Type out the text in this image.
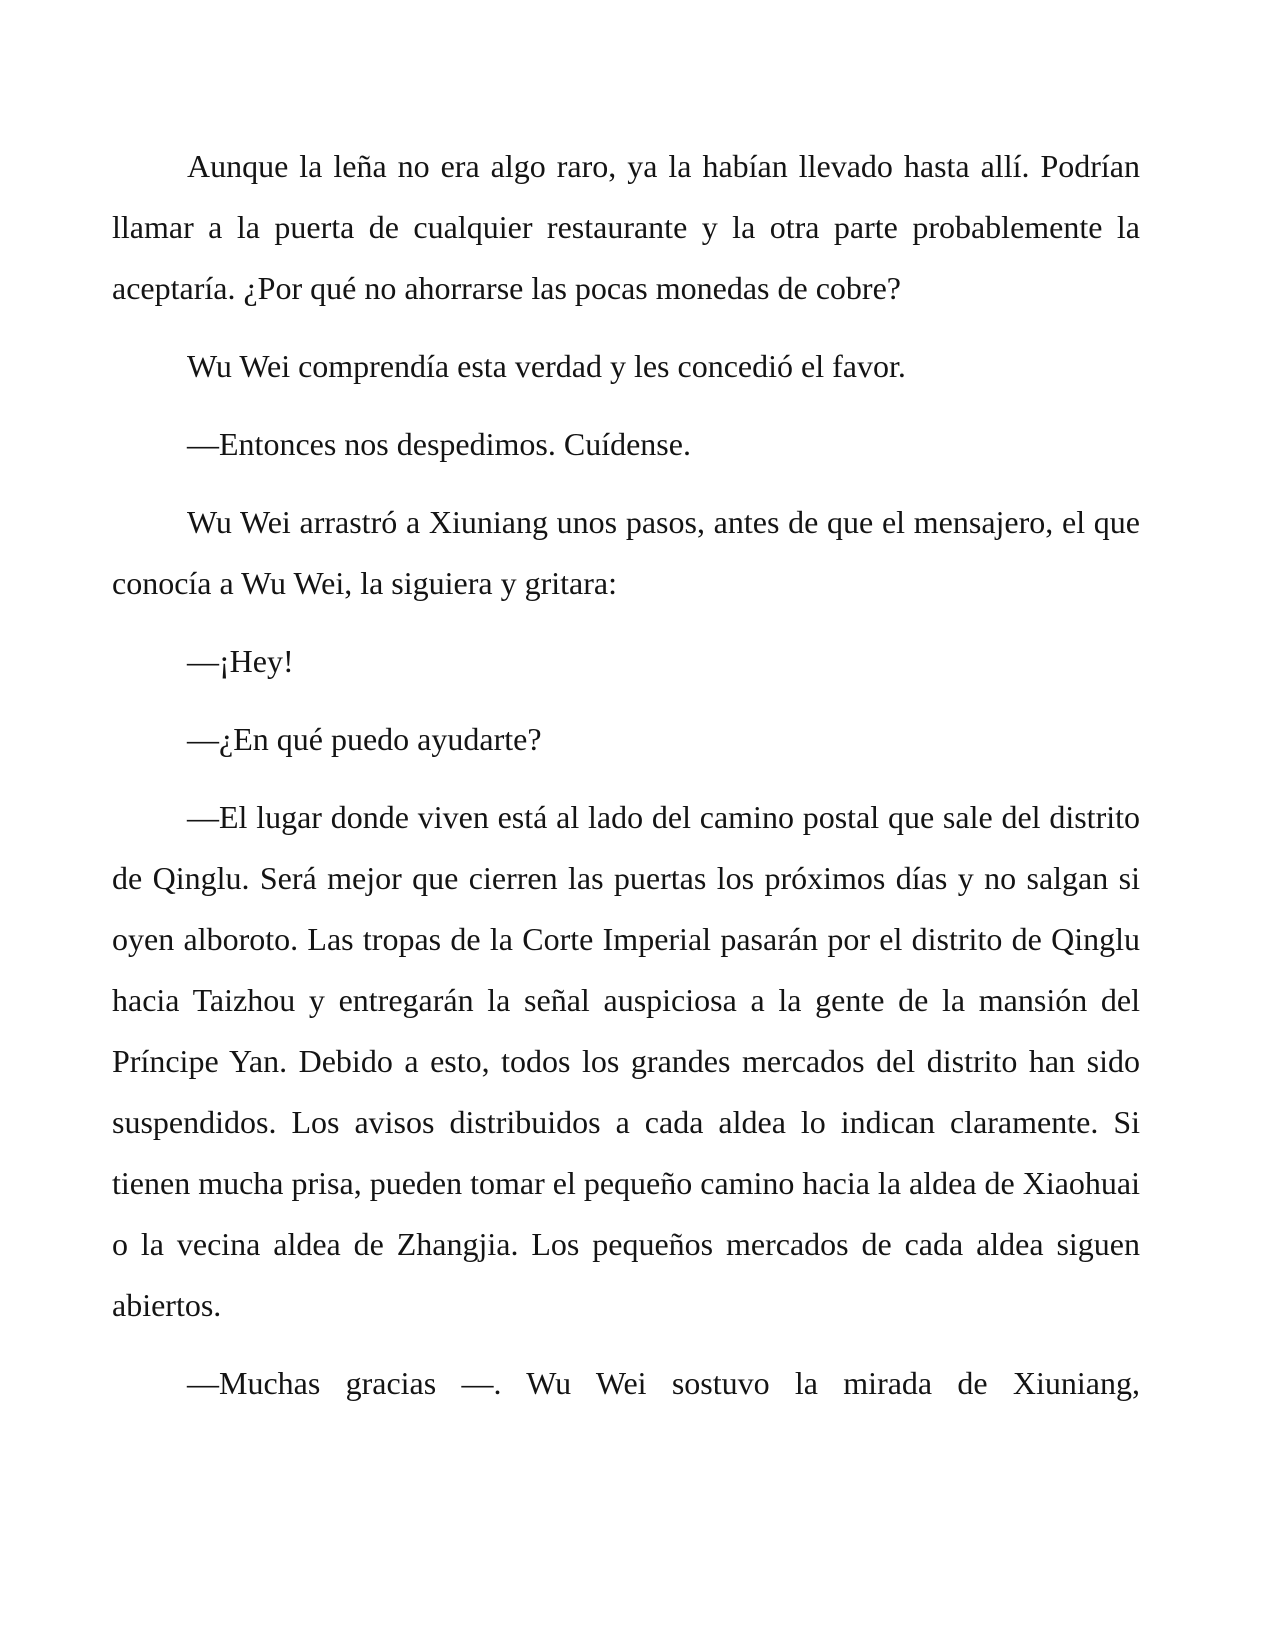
Aunque la leña no era algo raro, ya la habían llevado hasta allí. Podrían llamar a la puerta de cualquier restaurante y la otra parte probablemente la aceptaría. ¿Por qué no ahorrarse las pocas monedas de cobre?

Wu Wei comprendía esta verdad y les concedió el favor.

—Entonces nos despedimos. Cuídense.

Wu Wei arrastró a Xiuniang unos pasos, antes de que el mensajero, el que conocía a Wu Wei, la siguiera y gritara:

—¡Hey!

—¿En qué puedo ayudarte?

—El lugar donde viven está al lado del camino postal que sale del distrito de Qinglu. Será mejor que cierren las puertas los próximos días y no salgan si oyen alboroto. Las tropas de la Corte Imperial pasarán por el distrito de Qinglu hacia Taizhou y entregarán la señal auspiciosa a la gente de la mansión del Príncipe Yan. Debido a esto, todos los grandes mercados del distrito han sido suspendidos. Los avisos distribuidos a cada aldea lo indican claramente. Si tienen mucha prisa, pueden tomar el pequeño camino hacia la aldea de Xiaohuai o la vecina aldea de Zhangjia. Los pequeños mercados de cada aldea siguen abiertos.

—Muchas gracias —. Wu Wei sostuvo la mirada de Xiuniang,
